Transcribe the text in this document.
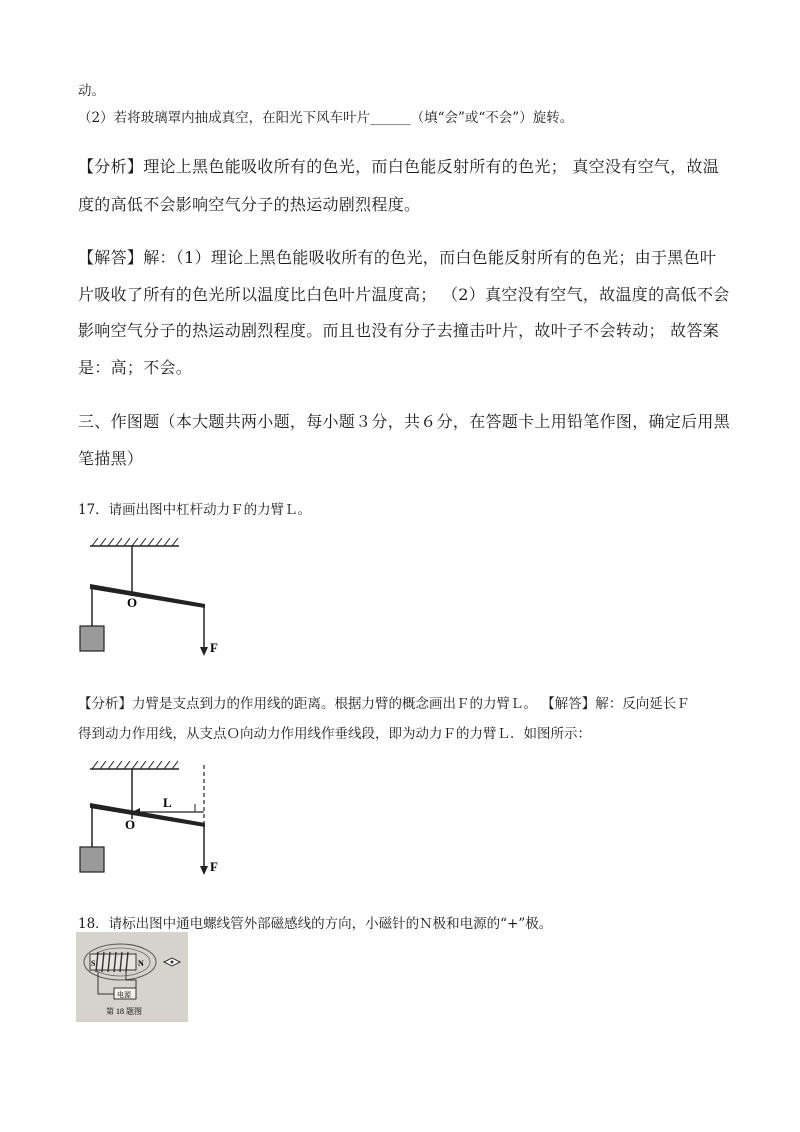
动。
（2）若将玻璃罩内抽成真空，在阳光下风车叶片______（填“会”或“不会”）旋转。
【分析】理论上黑色能吸收所有的色光，而白色能反射所有的色光； 真空没有空气，故温
度的高低不会影响空气分子的热运动剧烈程度。
【解答】解：（1）理论上黑色能吸收所有的色光，而白色能反射所有的色光；由于黑色叶
片吸收了所有的色光所以温度比白色叶片温度高； （2）真空没有空气，故温度的高低不会
影响空气分子的热运动剧烈程度。而且也没有分子去撞击叶片，故叶子不会转动； 故答案
是：高；不会。
三、作图题（本大题共两小题，每小题３分，共６分，在答题卡上用铅笔作图，确定后用黑
笔描黑）
17．请画出图中杠杆动力Ｆ的力臂Ｌ。
F
O
【分析】力臂是支点到力的作用线的距离。根据力臂的概念画出Ｆ的力臂Ｌ。 【解答】解：反向延长Ｆ
得到动力作用线，从支点Ｏ向动力作用线作垂线段，即为动力Ｆ的力臂Ｌ．如图所示：
L
F
O
18．请标出图中通电螺线管外部磁感线的方向，小磁针的Ｎ极和电源的“+”极。
S	N
电源
第 18 题图
